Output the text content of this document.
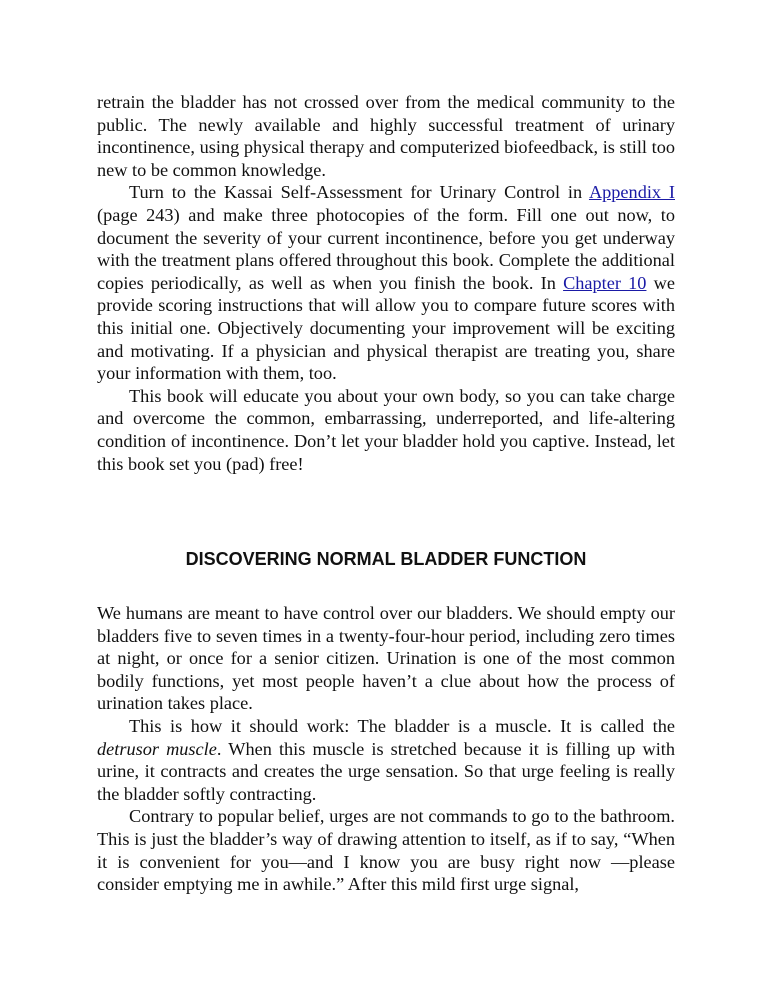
retrain the bladder has not crossed over from the medical community to the public. The newly available and highly successful treatment of urinary incontinence, using physical therapy and computerized biofeedback, is still too new to be common knowledge.

Turn to the Kassai Self-Assessment for Urinary Control in Appendix I (page 243) and make three photocopies of the form. Fill one out now, to document the severity of your current incontinence, before you get underway with the treatment plans offered throughout this book. Complete the additional copies periodically, as well as when you finish the book. In Chapter 10 we provide scoring instructions that will allow you to compare future scores with this initial one. Objectively documenting your improvement will be exciting and motivating. If a physician and physical therapist are treating you, share your information with them, too.

This book will educate you about your own body, so you can take charge and overcome the common, embarrassing, underreported, and life-altering condition of incontinence. Don’t let your bladder hold you captive. Instead, let this book set you (pad) free!

DISCOVERING NORMAL BLADDER FUNCTION

We humans are meant to have control over our bladders. We should empty our bladders five to seven times in a twenty-four-hour period, including zero times at night, or once for a senior citizen. Urination is one of the most common bodily functions, yet most people haven’t a clue about how the process of urination takes place.

This is how it should work: The bladder is a muscle. It is called the detrusor muscle. When this muscle is stretched because it is filling up with urine, it contracts and creates the urge sensation. So that urge feeling is really the bladder softly contracting.

Contrary to popular belief, urges are not commands to go to the bathroom. This is just the bladder’s way of drawing attention to itself, as if to say, “When it is convenient for you—and I know you are busy right now —please consider emptying me in awhile.” After this mild first urge signal,
